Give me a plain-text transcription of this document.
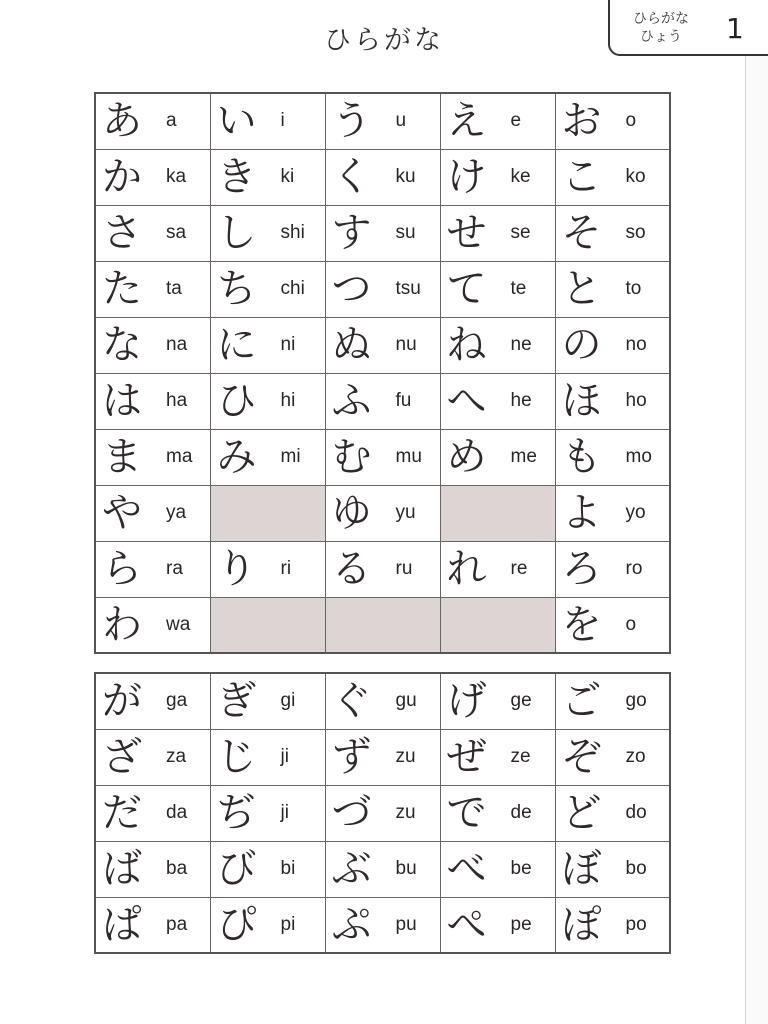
ひらがな
ひらがな
ひょう	1
あ a	い i	う u	え e	お o

か ka	き ki	く ku	け ke	こ ko

さ sa	し shi	す su	せ se	そ so

た ta	ち chi	つ tsu	て te	と to

な na	に ni	ぬ nu	ね ne	の no

は ha	ひ hi	ふ fu	へ he	ほ ho

ま ma	み mi	む mu	め me	も mo

や ya		ゆ yu		よ yo

ら ra	り ri	る ru	れ re	ろ ro

わ wa				を o
が ga	ぎ gi	ぐ gu	げ ge	ご go

ざ za	じ ji	ず zu	ぜ ze	ぞ zo

だ da	ぢ ji	づ zu	で de	ど do

ば ba	び bi	ぶ bu	べ be	ぼ bo

ぱ pa	ぴ pi	ぷ pu	ぺ pe	ぽ po
